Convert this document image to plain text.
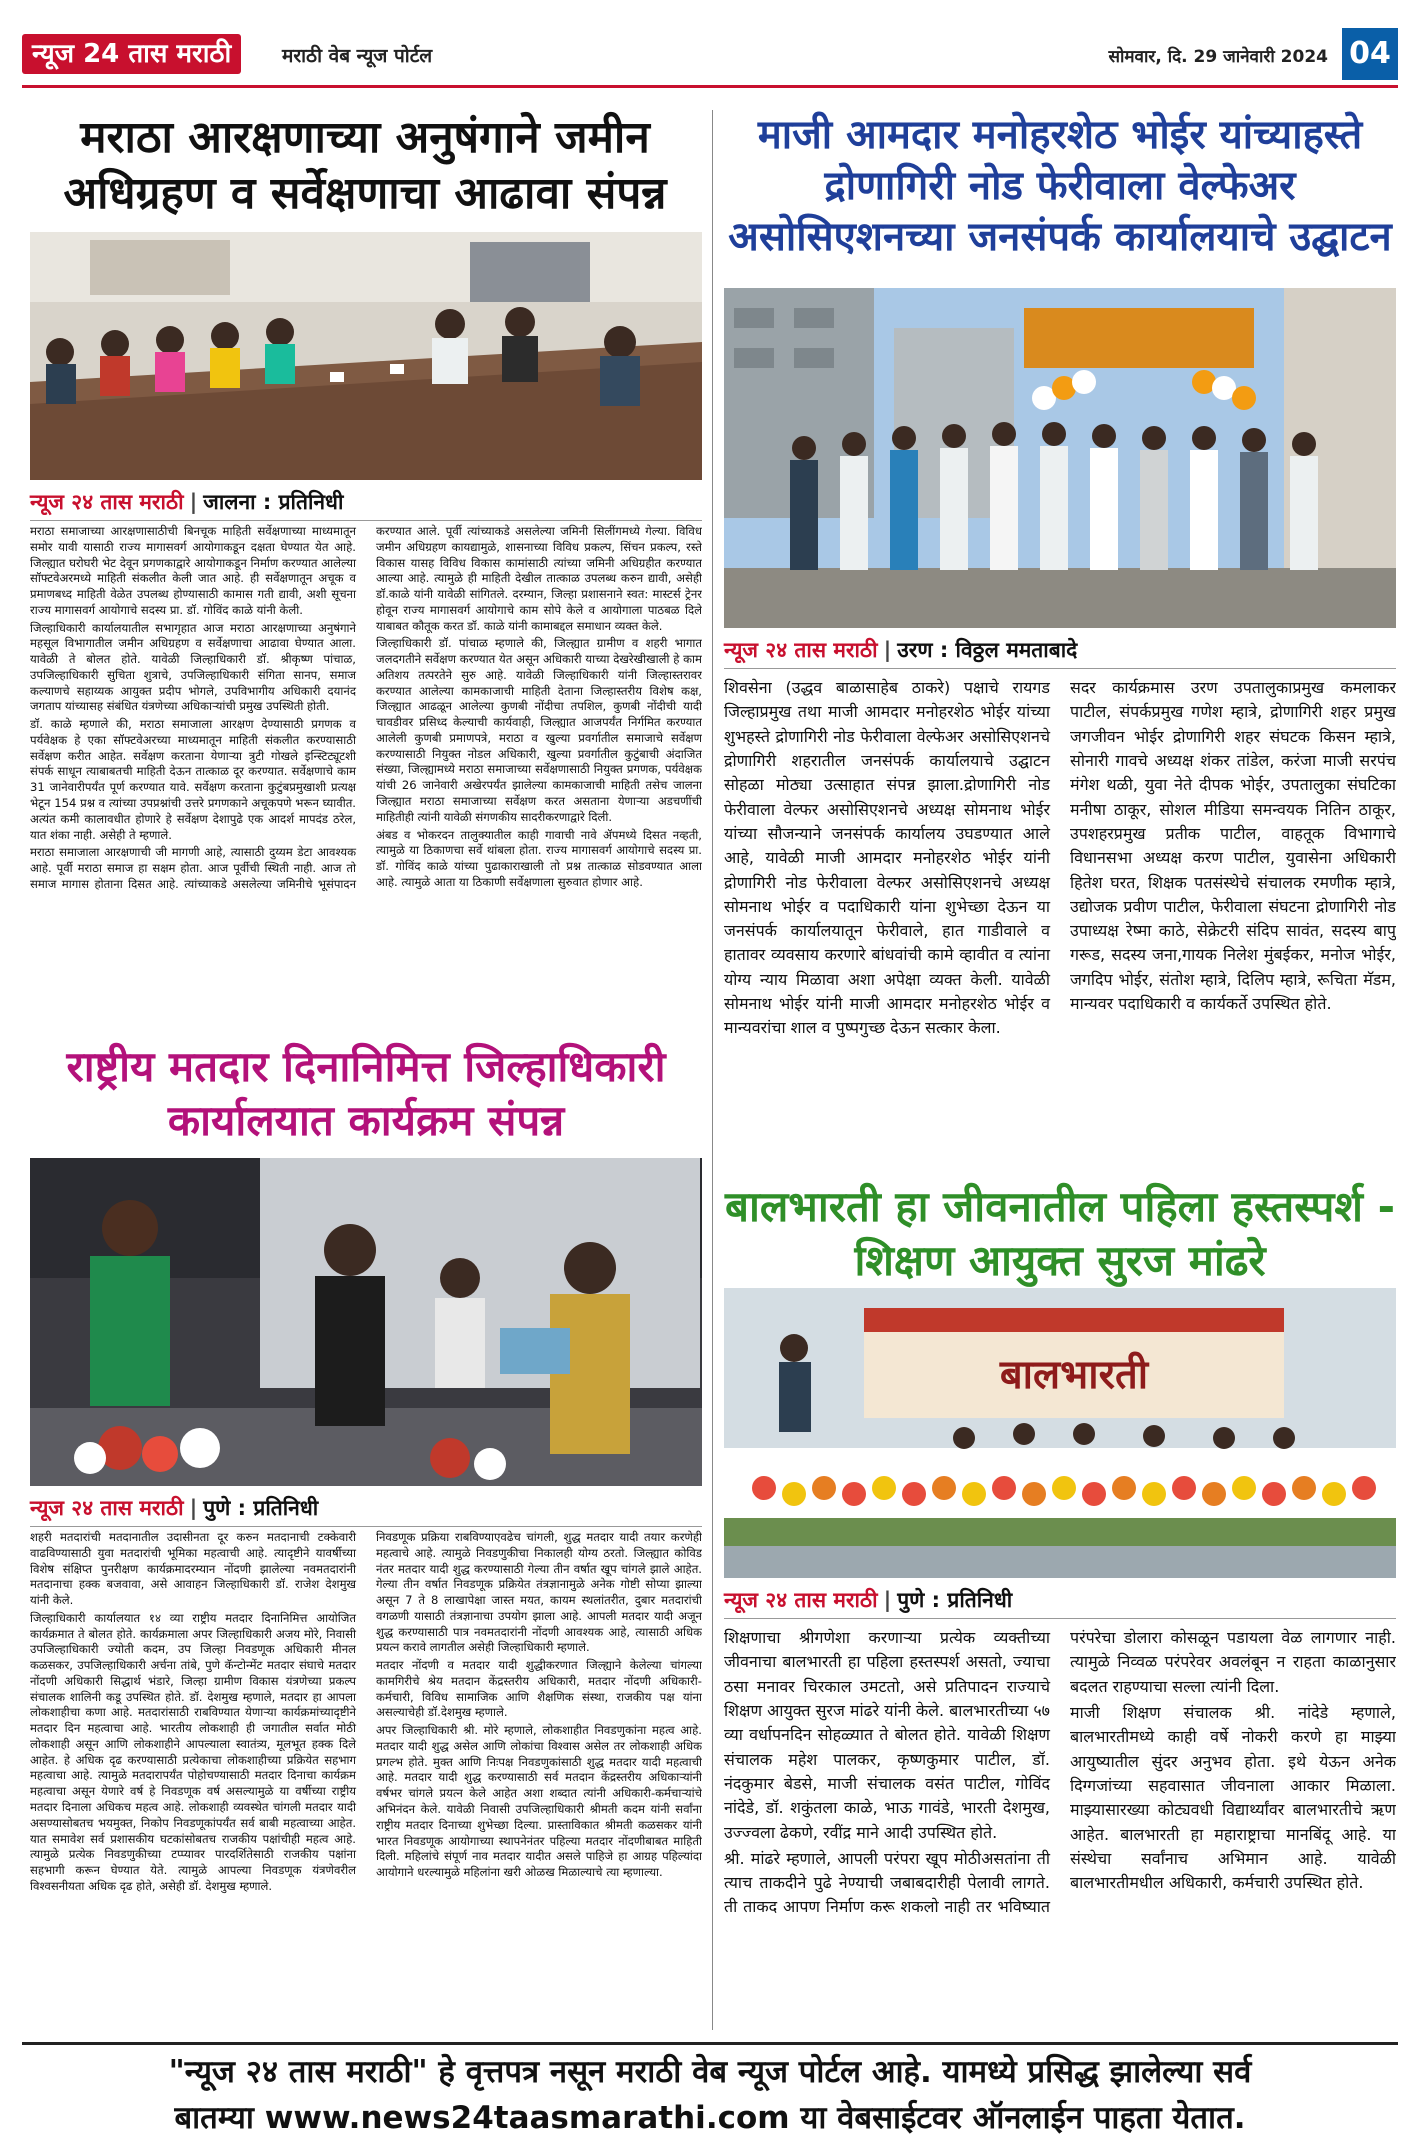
न्यूज 24 तास मराठी	मराठी वेब न्यूज पोर्टल	सोमवार, दि. 29 जानेवारी 2024 04
मराठा आरक्षणाच्या अनुषंगाने जमीन अधिग्रहण व सर्वेक्षणाचा आढावा संपन्न
न्यूज २४ तास मराठी | जालना : प्रतिनिधी

मराठा समाजाच्या आरक्षणासाठीची बिनचूक माहिती सर्वेक्षणाच्या माध्यमातून समोर यावी यासाठी राज्य मागासवर्ग आयोगाकडून दक्षता घेण्यात येत आहे. जिल्ह्यात घरोघरी भेट देवून प्रगणकाद्वारे आयोगाकडून निर्माण करण्यात आलेल्या सॉफ्टवेअरमध्ये माहिती संकलीत केली जात आहे. ही सर्वेक्षणातून अचूक व प्रमाणबध्द माहिती वेळेत उपलब्ध होण्यासाठी कामास गती द्यावी, अशी सूचना राज्य मागासवर्ग आयोगाचे सदस्य प्रा. डॉ. गोविंद काळे यांनी केली.

जिल्हाधिकारी कार्यालयातील सभागृहात आज मराठा आरक्षणाच्या अनुषंगाने महसूल विभागातील जमीन अधिग्रहण व सर्वेक्षणाचा आढावा घेण्यात आला. यावेळी ते बोलत होते. यावेळी जिल्हाधिकारी डॉ. श्रीकृष्ण पांचाळ, उपजिल्हाधिकारी सुचिता शुत्राचे, उपजिल्हाधिकारी संगिता सानप, समाज कल्याणचे सहाय्यक आयुक्त प्रदीप भोगले, उपविभागीय अधिकारी दयानंद जगताप यांच्यासह संबंधित यंत्रणेच्या अधिकाऱ्यांची प्रमुख उपस्थिती होती.

डॉ. काळे म्हणाले की, मराठा समाजाला आरक्षण देण्यासाठी प्रगणक व पर्यवेक्षक हे एका सॉफ्टवेअरच्या माध्यमातून माहिती संकलीत करण्यासाठी सर्वेक्षण करीत आहेत. सर्वेक्षण करताना येणाऱ्या त्रुटी गोखले इन्स्टिट्यूटशी संपर्क साधून त्याबाबतची माहिती देऊन तात्काळ दूर करण्यात. सर्वेक्षणाचे काम 31 जानेवारीपर्यंत पूर्ण करण्यात यावे. सर्वेक्षण करताना कुटुंबप्रमुखाशी प्रत्यक्ष भेटून 154 प्रश्न व त्यांच्या उपप्रश्नांची उत्तरे प्रगणकाने अचूकपणे भरून घ्यावीत. अत्यंत कमी कालावधीत होणारे हे सर्वेक्षण देशापुढे एक आदर्श मापदंड ठरेल, यात शंका नाही. असेही ते म्हणाले.

मराठा समाजाला आरक्षणाची जी मागणी आहे, त्यासाठी दुय्यम डेटा आवश्यक आहे. पूर्वी मराठा समाज हा सक्षम होता. आज पूर्वीची स्थिती नाही. आज तो समाज मागास होताना दिसत आहे. त्यांच्याकडे असलेल्या जमिनीचे भूसंपादन करण्यात आले. पूर्वी त्यांच्याकडे असलेल्या जमिनी सिलींगमध्ये गेल्या. विविध जमीन अधिग्रहण कायद्यामुळे, शासनाच्या विविध प्रकल्प, सिंचन प्रकल्प, रस्ते विकास यासह विविध विकास कामांसाठी त्यांच्या जमिनी अधिग्रहीत करण्यात आल्या आहे. त्यामुळे ही माहिती देखील तात्काळ उपलब्ध करुन द्यावी, असेही डॉ.काळे यांनी यावेळी सांगितले. दरम्यान, जिल्हा प्रशासनाने स्वत: मास्टर्स ट्रेनर होवून राज्य मागासवर्ग आयोगाचे काम सोपे केले व आयोगाला पाठबळ दिले याबाबत कौतूक करत डॉ. काळे यांनी कामाबद्दल समाधान व्यक्त केले.

जिल्हाधिकारी डॉ. पांचाळ म्हणाले की, जिल्ह्यात ग्रामीण व शहरी भागात जलदगतीने सर्वेक्षण करण्यात येत असून अधिकारी याच्या देखरेखीखाली हे काम अतिशय तत्परतेने सुरु आहे. यावेळी जिल्हाधिकारी यांनी जिल्हास्तरावर करण्यात आलेल्या कामकाजाची माहिती देताना जिल्हास्तरीय विशेष कक्ष, जिल्ह्यात आढळून आलेल्या कुणबी नोंदीचा तपशिल, कुणबी नोंदीची यादी चावडीवर प्रसिध्द केल्याची कार्यवाही, जिल्ह्यात आजपर्यंत निर्गमित करण्यात आलेली कुणबी प्रमाणपत्रे, मराठा व खुल्या प्रवर्गातील समाजाचे सर्वेक्षण करण्यासाठी नियुक्त नोडल अधिकारी, खुल्या प्रवर्गातील कुटुंबाची अंदाजित संख्या, जिल्ह्यामध्ये मराठा समाजाच्या सर्वेक्षणासाठी नियुक्त प्रगणक, पर्यवेक्षक यांची 26 जानेवारी अखेरपर्यंत झालेल्या कामकाजाची माहिती तसेच जालना जिल्ह्यात मराठा समाजाच्या सर्वेक्षण करत असताना येणाऱ्या अडचणींची माहितीही त्यांनी यावेळी संगणकीय सादरीकरणाद्वारे दिली.

अंबड व भोकरदन तालुक्यातील काही गावाची नावे ॲपमध्ये दिसत नव्हती, त्यामुळे या ठिकाणचा सर्वे थांबला होता. राज्य मागासवर्ग आयोगाचे सदस्य प्रा. डॉ. गोविंद काळे यांच्या पुढाकाराखाली तो प्रश्न तात्काळ सोडवण्यात आला आहे. त्यामुळे आता या ठिकाणी सर्वेक्षणाला सुरुवात होणार आहे.

राष्ट्रीय मतदार दिनानिमित्त जिल्हाधिकारी कार्यालयात कार्यक्रम संपन्न
न्यूज २४ तास मराठी | पुणे : प्रतिनिधी

शहरी मतदारांची मतदानातील उदासीनता दूर करुन मतदानाची टक्केवारी वाढविण्यासाठी युवा मतदारांची भूमिका महत्वाची आहे. त्यादृष्टीने यावर्षीच्या विशेष संक्षिप्त पुनरीक्षण कार्यक्रमादरम्यान नोंदणी झालेल्या नवमतदारांनी मतदानाचा हक्क बजवावा, असे आवाहन जिल्हाधिकारी डॉ. राजेश देशमुख यांनी केले.

जिल्हाधिकारी कार्यालयात १४ व्या राष्ट्रीय मतदार दिनानिमित्त आयोजित कार्यक्रमात ते बोलत होते. कार्यक्रमाला अपर जिल्हाधिकारी अजय मोरे, निवासी उपजिल्हाधिकारी ज्योती कदम, उप जिल्हा निवडणूक अधिकारी मीनल कळसकर, उपजिल्हाधिकारी अर्चना तांबे, पुणे कॅन्टोन्मेंट मतदार संघाचे मतदार नोंदणी अधिकारी सिद्धार्थ भंडारे, जिल्हा ग्रामीण विकास यंत्रणेच्या प्रकल्प संचालक शालिनी कडू उपस्थित होते. डॉ. देशमुख म्हणाले, मतदार हा आपला लोकशाहीचा कणा आहे. मतदारांसाठी राबविण्यात येणाऱ्या कार्यक्रमांच्यादृष्टीने मतदार दिन महत्वाचा आहे. भारतीय लोकशाही ही जगातील सर्वात मोठी लोकशाही असून आणि लोकशाहीने आपल्याला स्वातंत्र्य, मूलभूत हक्क दिले आहेत. हे अधिक दृढ करण्यासाठी प्रत्येकाचा लोकशाहीच्या प्रक्रियेत सहभाग महत्वाचा आहे. त्यामुळे मतदारापर्यंत पोहोचण्यासाठी मतदार दिनाचा कार्यक्रम महत्वाचा असून येणारे वर्ष हे निवडणूक वर्ष असल्यामुळे या वर्षीच्या राष्ट्रीय मतदार दिनाला अधिकच महत्व आहे. लोकशाही व्यवस्थेत चांगली मतदार यादी असण्यासोबतच भयमुक्त, निकोप निवडणूकांपर्यंत सर्व बाबी महत्वाच्या आहेत. यात समावेश सर्व प्रशासकीय घटकांसोबतच राजकीय पक्षांचीही महत्व आहे. त्यामुळे प्रत्येक निवडणुकीच्या टप्प्यावर पारदर्शितेसाठी राजकीय पक्षांना सहभागी करून घेण्यात येते. त्यामुळे आपल्या निवडणूक यंत्रणेवरील विश्वसनीयता अधिक दृढ होते, असेही डॉ. देशमुख म्हणाले.

निवडणूक प्रक्रिया राबविण्याएवढेच चांगली, शुद्ध मतदार यादी तयार करणेही महत्वाचे आहे. त्यामुळे निवडणुकीचा निकालही योग्य ठरतो. जिल्ह्यात कोविड नंतर मतदार यादी शुद्ध करण्यासाठी गेल्या तीन वर्षात खूप चांगले झाले आहेत. गेल्या तीन वर्षात निवडणूक प्रक्रियेत तंत्रज्ञानामुळे अनेक गोष्टी सोप्या झाल्या असून 7 ते 8 लाखापेक्षा जास्त मयत, कायम स्थलांतरीत, दुबार मतदारांची वगळणी यासाठी तंत्रज्ञानाचा उपयोग झाला आहे. आपली मतदार यादी अजून शुद्ध करण्यासाठी पात्र नवमतदारांनी नोंदणी आवश्यक आहे, त्यासाठी अधिक प्रयत्न करावे लागतील असेही जिल्हाधिकारी म्हणाले.

मतदार नोंदणी व मतदार यादी शुद्धीकरणात जिल्ह्याने केलेल्या चांगल्या कामगिरीचे श्रेय मतदान केंद्रस्तरीय अधिकारी, मतदार नोंदणी अधिकारी-कर्मचारी, विविध सामाजिक आणि शैक्षणिक संस्था, राजकीय पक्ष यांना असल्याचेही डॉ.देशमुख म्हणाले.

अपर जिल्हाधिकारी श्री. मोरे म्हणाले, लोकशाहीत निवडणुकांना महत्व आहे. मतदार यादी शुद्ध असेल आणि लोकांचा विश्वास असेल तर लोकशाही अधिक प्रगल्भ होते. मुक्त आणि निःपक्ष निवडणुकांसाठी शुद्ध मतदार यादी महत्वाची आहे. मतदार यादी शुद्ध करण्यासाठी सर्व मतदान केंद्रस्तरीय अधिकाऱ्यांनी वर्षभर चांगले प्रयत्न केले आहेत अशा शब्दात त्यांनी अधिकारी-कर्मचाऱ्यांचे अभिनंदन केले. यावेळी निवासी उपजिल्हाधिकारी श्रीमती कदम यांनी सर्वांना राष्ट्रीय मतदार दिनाच्या शुभेच्छा दिल्या. प्रास्ताविकात श्रीमती कळसकर यांनी भारत निवडणूक आयोगाच्या स्थापनेनंतर पहिल्या मतदार नोंदणीबाबत माहिती दिली. महिलांचे संपूर्ण नाव मतदार यादीत असले पाहिजे हा आग्रह पहिल्यांदा आयोगाने धरल्यामुळे महिलांना खरी ओळख मिळाल्याचे त्या म्हणाल्या.

माजी आमदार मनोहरशेठ भोईर यांच्याहस्ते द्रोणागिरी नोड फेरीवाला वेल्फेअर असोसिएशनच्या जनसंपर्क कार्यालयाचे उद्घाटन
न्यूज २४ तास मराठी | उरण : विठ्ठल ममताबादे

शिवसेना (उद्धव बाळासाहेब ठाकरे) पक्षाचे रायगड जिल्हाप्रमुख तथा माजी आमदार मनोहरशेठ भोईर यांच्या शुभहस्ते द्रोणागिरी नोड फेरीवाला वेल्फेअर असोसिएशनचे द्रोणागिरी शहरातील जनसंपर्क कार्यालयाचे उद्घाटन सोहळा मोठ्या उत्साहात संपन्न झाला.द्रोणागिरी नोड फेरीवाला वेल्फर असोसिएशनचे अध्यक्ष सोमनाथ भोईर यांच्या सौजन्याने जनसंपर्क कार्यालय उघडण्यात आले आहे, यावेळी माजी आमदार मनोहरशेठ भोईर यांनी द्रोणागिरी नोड फेरीवाला वेल्फर असोसिएशनचे अध्यक्ष सोमनाथ भोईर व पदाधिकारी यांना शुभेच्छा देऊन या जनसंपर्क कार्यालयातून फेरीवाले, हात गाडीवाले व हातावर व्यवसाय करणारे बांधवांची कामे व्हावीत व त्यांना योग्य न्याय मिळावा अशा अपेक्षा व्यक्त केली. यावेळी सोमनाथ भोईर यांनी माजी आमदार मनोहरशेठ भोईर व मान्यवरांचा शाल व पुष्पगुच्छ देऊन सत्कार केला.

सदर कार्यक्रमास उरण उपतालुकाप्रमुख कमलाकर पाटील, संपर्कप्रमुख गणेश म्हात्रे, द्रोणागिरी शहर प्रमुख जगजीवन भोईर द्रोणागिरी शहर संघटक किसन म्हात्रे, सोनारी गावचे अध्यक्ष शंकर तांडेल, करंजा माजी सरपंच मंगेश थळी, युवा नेते दीपक भोईर, उपतालुका संघटिका मनीषा ठाकूर, सोशल मीडिया समन्वयक नितिन ठाकूर, उपशहरप्रमुख प्रतीक पाटील, वाहतूक विभागाचे विधानसभा अध्यक्ष करण पाटील, युवासेना अधिकारी हितेश घरत, शिक्षक पतसंस्थेचे संचालक रमणीक म्हात्रे, उद्योजक प्रवीण पाटील, फेरीवाला संघटना द्रोणागिरी नोड उपाध्यक्ष रेष्मा काठे, सेक्रेटरी संदिप सावंत, सदस्य बापु गरूड, सदस्य जना,गायक निलेश मुंबईकर, मनोज भोईर, जगदिप भोईर, संतोश म्हात्रे, दिलिप म्हात्रे, रूचिता मॅडम, मान्यवर पदाधिकारी व कार्यकर्ते उपस्थित होते.

बालभारती हा जीवनातील पहिला हस्तस्पर्श - शिक्षण आयुक्त सुरज मांढरे
बालभारती
न्यूज २४ तास मराठी | पुणे : प्रतिनिधी

शिक्षणाचा श्रीगणेशा करणाऱ्या प्रत्येक व्यक्तीच्या जीवनाचा बालभारती हा पहिला हस्तस्पर्श असतो, ज्याचा ठसा मनावर चिरकाल उमटतो, असे प्रतिपादन राज्याचे शिक्षण आयुक्त सुरज मांढरे यांनी केले. बालभारतीच्या ५७ व्या वर्धापनदिन सोहळ्यात ते बोलत होते. यावेळी शिक्षण संचालक महेश पालकर, कृष्णकुमार पाटील, डॉ. नंदकुमार बेडसे, माजी संचालक वसंत पाटील, गोविंद नांदेडे, डॉ. शकुंतला काळे, भाऊ गावंडे, भारती देशमुख, उज्ज्वला ढेकणे, रवींद्र माने आदी उपस्थित होते.

श्री. मांढरे म्हणाले, आपली परंपरा खूप मोठीअसतांना ती त्याच ताकदीने पुढे नेण्याची जबाबदारीही पेलावी लागते. ती ताकद आपण निर्माण करू शकलो नाही तर भविष्यात परंपरेचा डोलारा कोसळून पडायला वेळ लागणार नाही. त्यामुळे निव्वळ परंपरेवर अवलंबून न राहता काळानुसार बदलत राहण्याचा सल्ला त्यांनी दिला.

माजी शिक्षण संचालक श्री. नांदेडे म्हणाले, बालभारतीमध्ये काही वर्षे नोकरी करणे हा माझ्या आयुष्यातील सुंदर अनुभव होता. इथे येऊन अनेक दिग्गजांच्या सहवासात जीवनाला आकार मिळाला. माझ्यासारख्या कोट्यवधी विद्यार्थ्यांवर बालभारतीचे ऋण आहेत. बालभारती हा महाराष्ट्राचा मानबिंदू आहे. या संस्थेचा सर्वांनाच अभिमान आहे. यावेळी बालभारतीमधील अधिकारी, कर्मचारी उपस्थित होते.

"न्यूज २४ तास मराठी" हे वृत्तपत्र नसून मराठी वेब न्यूज पोर्टल आहे. यामध्ये प्रसिद्ध झालेल्या सर्व
बातम्या www.news24taasmarathi.com या वेबसाईटवर ऑनलाईन पाहता येतात.
